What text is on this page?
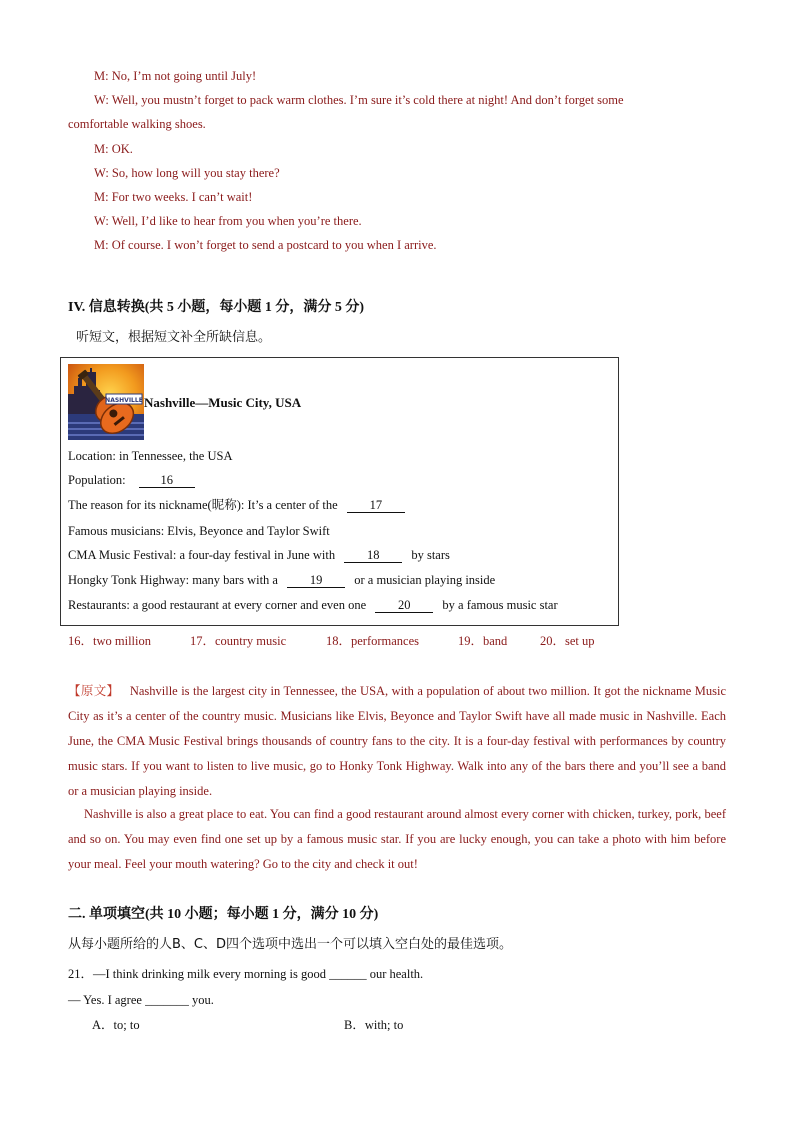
M: No, I’m not going until July!
W: Well, you mustn’t forget to pack warm clothes. I’m sure it’s cold there at night! And don’t forget some
comfortable walking shoes.
M: OK.
W: So, how long will you stay there?
M: For two weeks. I can’t wait!
W: Well, I’d like to hear from you when you’re there.
M: Of course. I won’t forget to send a postcard to you when I arrive.
IV. 信息转换(共 5 小题，每小题 1 分，满分 5 分)
听短文，根据短文补全所缺信息。
NASHVILLE Nashville—Music City, USA
Location: in Tennessee, the USA
Population:	16
The reason for its nickname(昵称): It’s a center of the	17
Famous musicians: Elvis, Beyonce and Taylor Swift
CMA Music Festival: a four-day festival in June with	18	by stars
Hongky Tonk Highway: many bars with a	19	or a musician playing inside
Restaurants: a good restaurant at every corner and even one	20	by a famous music star
16．two million	17．country music	18．performances	19．band	20．set up
【原文】 Nashville is the largest city in Tennessee, the USA, with a population of about two million. It got the nickname Music City as it’s a center of the country music. Musicians like Elvis, Beyonce and Taylor Swift have all made music in Nashville. Each June, the CMA Music Festival brings thousands of country fans to the city. It is a four-day festival with performances by country music stars. If you want to listen to live music, go to Honky Tonk Highway. Walk into any of the bars there and you’ll see a band or a musician playing inside.
Nashville is also a great place to eat. You can find a good restaurant around almost every corner with chicken, turkey, pork, beef and so on. You may even find one set up by a famous music star. If you are lucky enough, you can take a photo with him before your meal. Feel your mouth watering? Go to the city and check it out!
二. 单项填空(共 10 小题；每小题 1 分，满分 10 分)
从每小题所给的人B、C、D四个选项中选出一个可以填入空白处的最佳选项。
21．—I think drinking milk every morning is good ______ our health.
— Yes. I agree _______ you.
A．to; to	B．with; to
